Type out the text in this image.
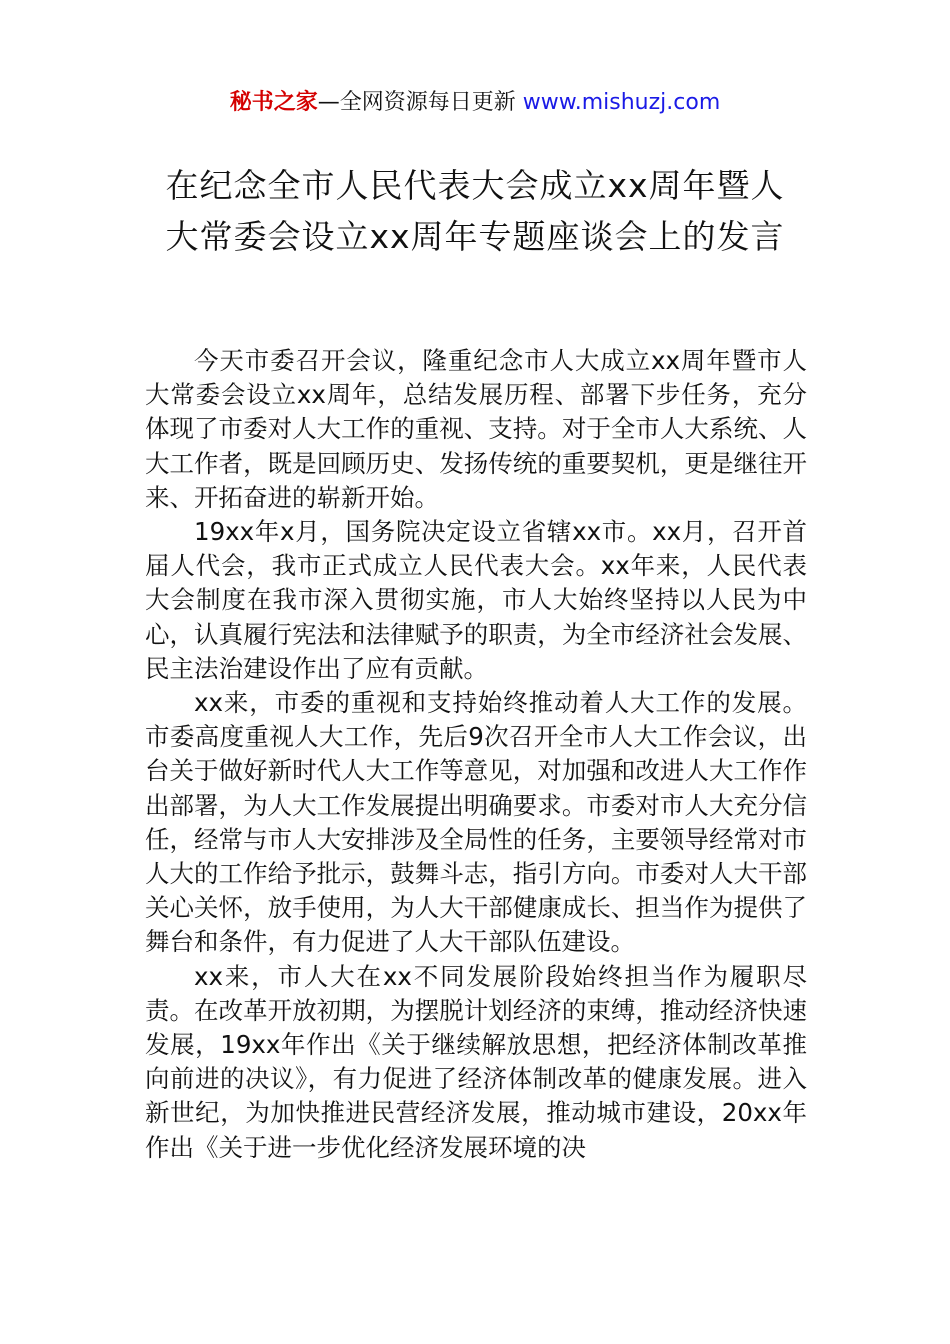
秘书之家—全网资源每日更新 www.mishuzj.com
在纪念全市人民代表大会成立xx周年暨人
大常委会设立xx周年专题座谈会上的发言

今天市委召开会议，隆重纪念市人大成立xx周年暨市人大常委会设立xx周年，总结发展历程、部署下步任务，充分体现了市委对人大工作的重视、支持。对于全市人大系统、人大工作者，既是回顾历史、发扬传统的重要契机，更是继往开来、开拓奋进的崭新开始。

19xx年x月，国务院决定设立省辖xx市。xx月，召开首届人代会，我市正式成立人民代表大会。xx年来，人民代表大会制度在我市深入贯彻实施，市人大始终坚持以人民为中心，认真履行宪法和法律赋予的职责，为全市经济社会发展、民主法治建设作出了应有贡献。

xx来，市委的重视和支持始终推动着人大工作的发展。市委高度重视人大工作，先后9次召开全市人大工作会议，出台关于做好新时代人大工作等意见，对加强和改进人大工作作出部署，为人大工作发展提出明确要求。市委对市人大充分信任，经常与市人大安排涉及全局性的任务，主要领导经常对市人大的工作给予批示，鼓舞斗志，指引方向。市委对人大干部关心关怀，放手使用，为人大干部健康成长、担当作为提供了舞台和条件，有力促进了人大干部队伍建设。

xx来，市人大在xx不同发展阶段始终担当作为履职尽责。在改革开放初期，为摆脱计划经济的束缚，推动经济快速发展，19xx年作出《关于继续解放思想，把经济体制改革推向前进的决议》，有力促进了经济体制改革的健康发展。进入新世纪，为加快推进民营经济发展，推动城市建设，20xx年作出《关于进一步优化经济发展环境的决
